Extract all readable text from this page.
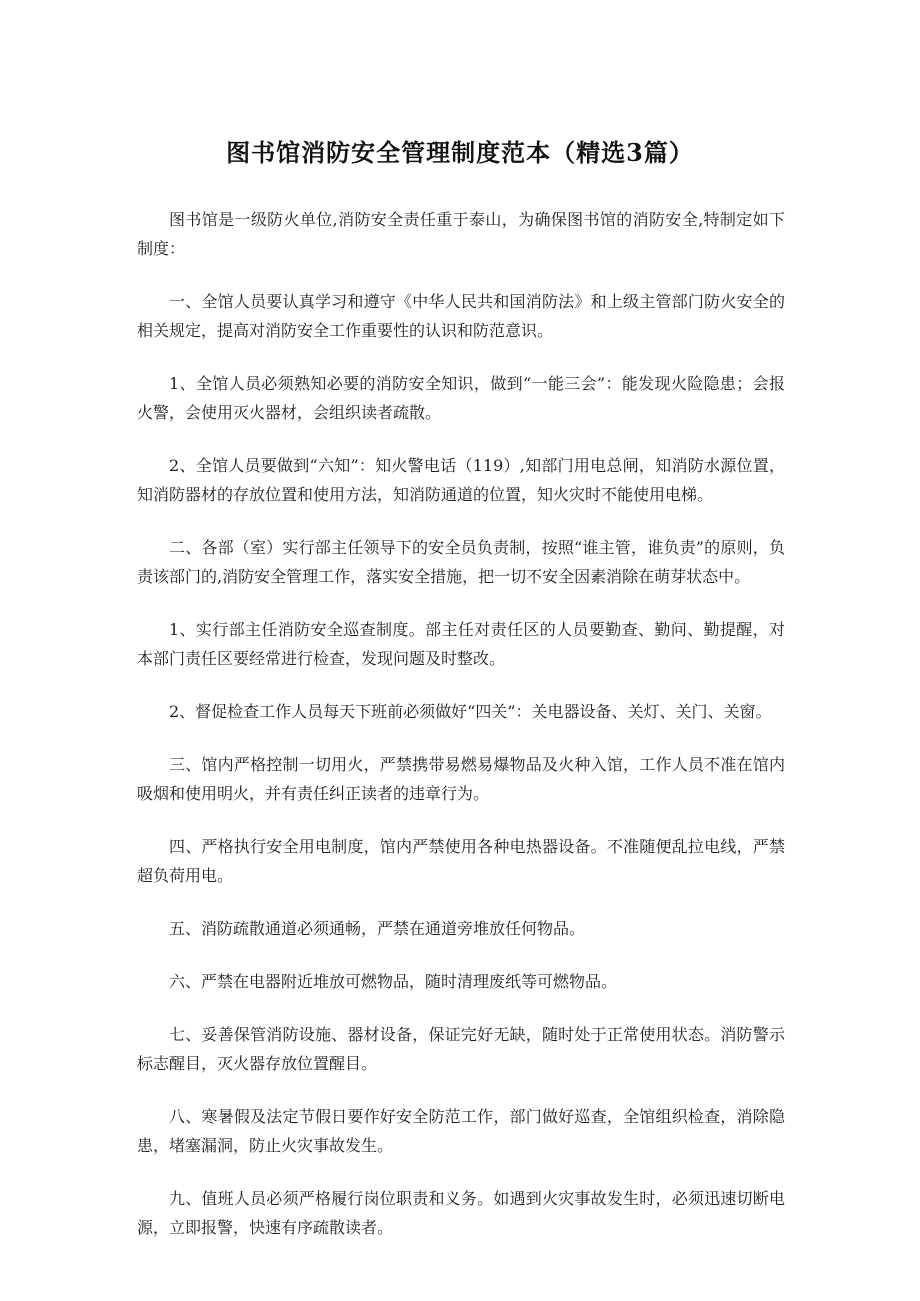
图书馆消防安全管理制度范本（精选3篇）

图书馆是一级防火单位,消防安全责任重于泰山，为确保图书馆的消防安全,特制定如下制度：

一、全馆人员要认真学习和遵守《中华人民共和国消防法》和上级主管部门防火安全的相关规定，提高对消防安全工作重要性的认识和防范意识。

1、全馆人员必须熟知必要的消防安全知识，做到“一能三会”：能发现火险隐患；会报火警，会使用灭火器材，会组织读者疏散。

2、全馆人员要做到“六知”：知火警电话（119）,知部门用电总闸，知消防水源位置，知消防器材的存放位置和使用方法，知消防通道的位置，知火灾时不能使用电梯。

二、各部（室）实行部主任领导下的安全员负责制，按照“谁主管，谁负责”的原则，负责该部门的,消防安全管理工作，落实安全措施，把一切不安全因素消除在萌芽状态中。

1、实行部主任消防安全巡查制度。部主任对责任区的人员要勤查、勤问、勤提醒，对本部门责任区要经常进行检查，发现问题及时整改。

2、督促检查工作人员每天下班前必须做好“四关”：关电器设备、关灯、关门、关窗。

三、馆内严格控制一切用火，严禁携带易燃易爆物品及火种入馆，工作人员不准在馆内吸烟和使用明火，并有责任纠正读者的违章行为。

四、严格执行安全用电制度，馆内严禁使用各种电热器设备。不准随便乱拉电线，严禁超负荷用电。

五、消防疏散通道必须通畅，严禁在通道旁堆放任何物品。

六、严禁在电器附近堆放可燃物品，随时清理废纸等可燃物品。

七、妥善保管消防设施、器材设备，保证完好无缺，随时处于正常使用状态。消防警示标志醒目，灭火器存放位置醒目。

八、寒暑假及法定节假日要作好安全防范工作，部门做好巡查，全馆组织检查，消除隐患，堵塞漏洞，防止火灾事故发生。

九、值班人员必须严格履行岗位职责和义务。如遇到火灾事故发生时，必须迅速切断电源，立即报警，快速有序疏散读者。
